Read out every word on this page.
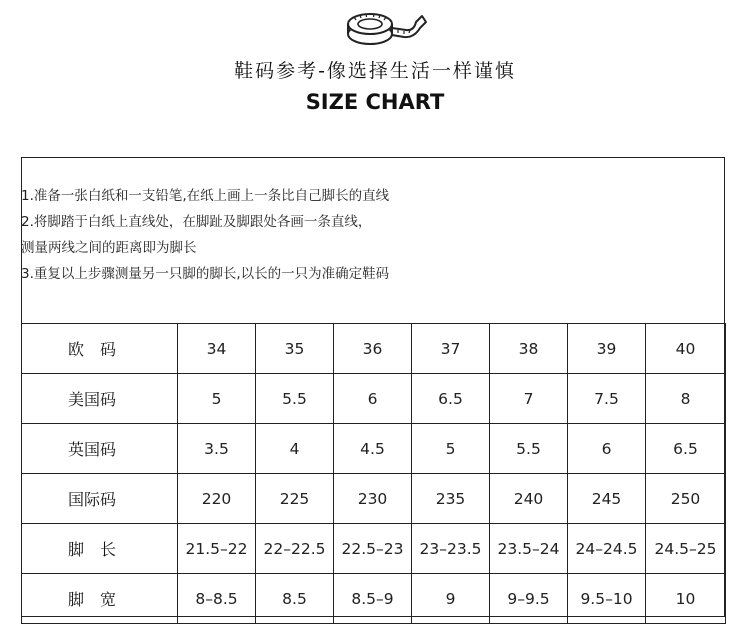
鞋码参考-像选择生活一样谨慎
SIZE CHART
1.准备一张白纸和一支铅笔,在纸上画上一条比自己脚长的直线
2.将脚踏于白纸上直线处，在脚趾及脚跟处各画一条直线，
测量两线之间的距离即为脚长
3.重复以上步骤测量另一只脚的脚长,以长的一只为准确定鞋码
欧　码	34	35	36	37	38	39	40
美国码	5	5.5	6	6.5	7	7.5	8
英国码	3.5	4	4.5	5	5.5	6	6.5
国际码	220	225	230	235	240	245	250
脚　长	21.5–22	22–22.5	22.5–23	23–23.5	23.5–24	24–24.5	24.5–25
脚　宽	8–8.5	8.5	8.5–9	9	9–9.5	9.5–10	10
